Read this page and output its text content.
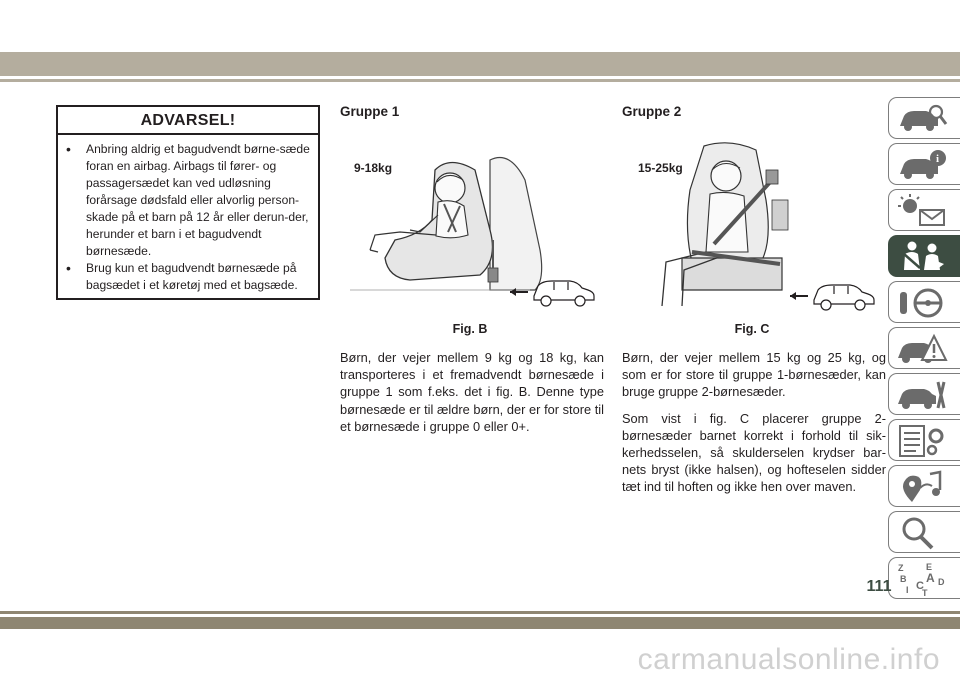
ADVARSEL!
• Anbring aldrig et bagudvendt børne-sæde foran en airbag. Airbags til fører- og passagersædet kan ved udløsning forårsage dødsfald eller alvorlig person-skade på et barn på 12 år eller derun-der, herunder et barn i et bagudvendt børnesæde.
• Brug kun et bagudvendt børnesæde på bagsædet i et køretøj med et bagsæde.
Gruppe 1
9-18kg
Fig. B

Børn, der vejer mellem 9 kg og 18 kg, kan transporteres i et fremadvendt børnesæde i gruppe 1 som f.eks. det i fig. B. Denne type børnesæde er til ældre børn, der er for store til et børnesæde i gruppe 0 eller 0+.

Gruppe 2
15-25kg
Fig. C

Børn, der vejer mellem 15 kg og 25 kg, og som er for store til gruppe 1-børnesæder, kan bruge gruppe 2-børnesæder.

Som vist i fig. C placerer gruppe 2-børnesæder barnet korrekt i forhold til sik-kerhedsselen, så skulderselen krydser bar-nets bryst (ikke halsen), og hofteselen sidder tæt ind til hoften og ikke hen over maven.

i
Z	E
B A D
I C
T
111
carmanualsonline.info
